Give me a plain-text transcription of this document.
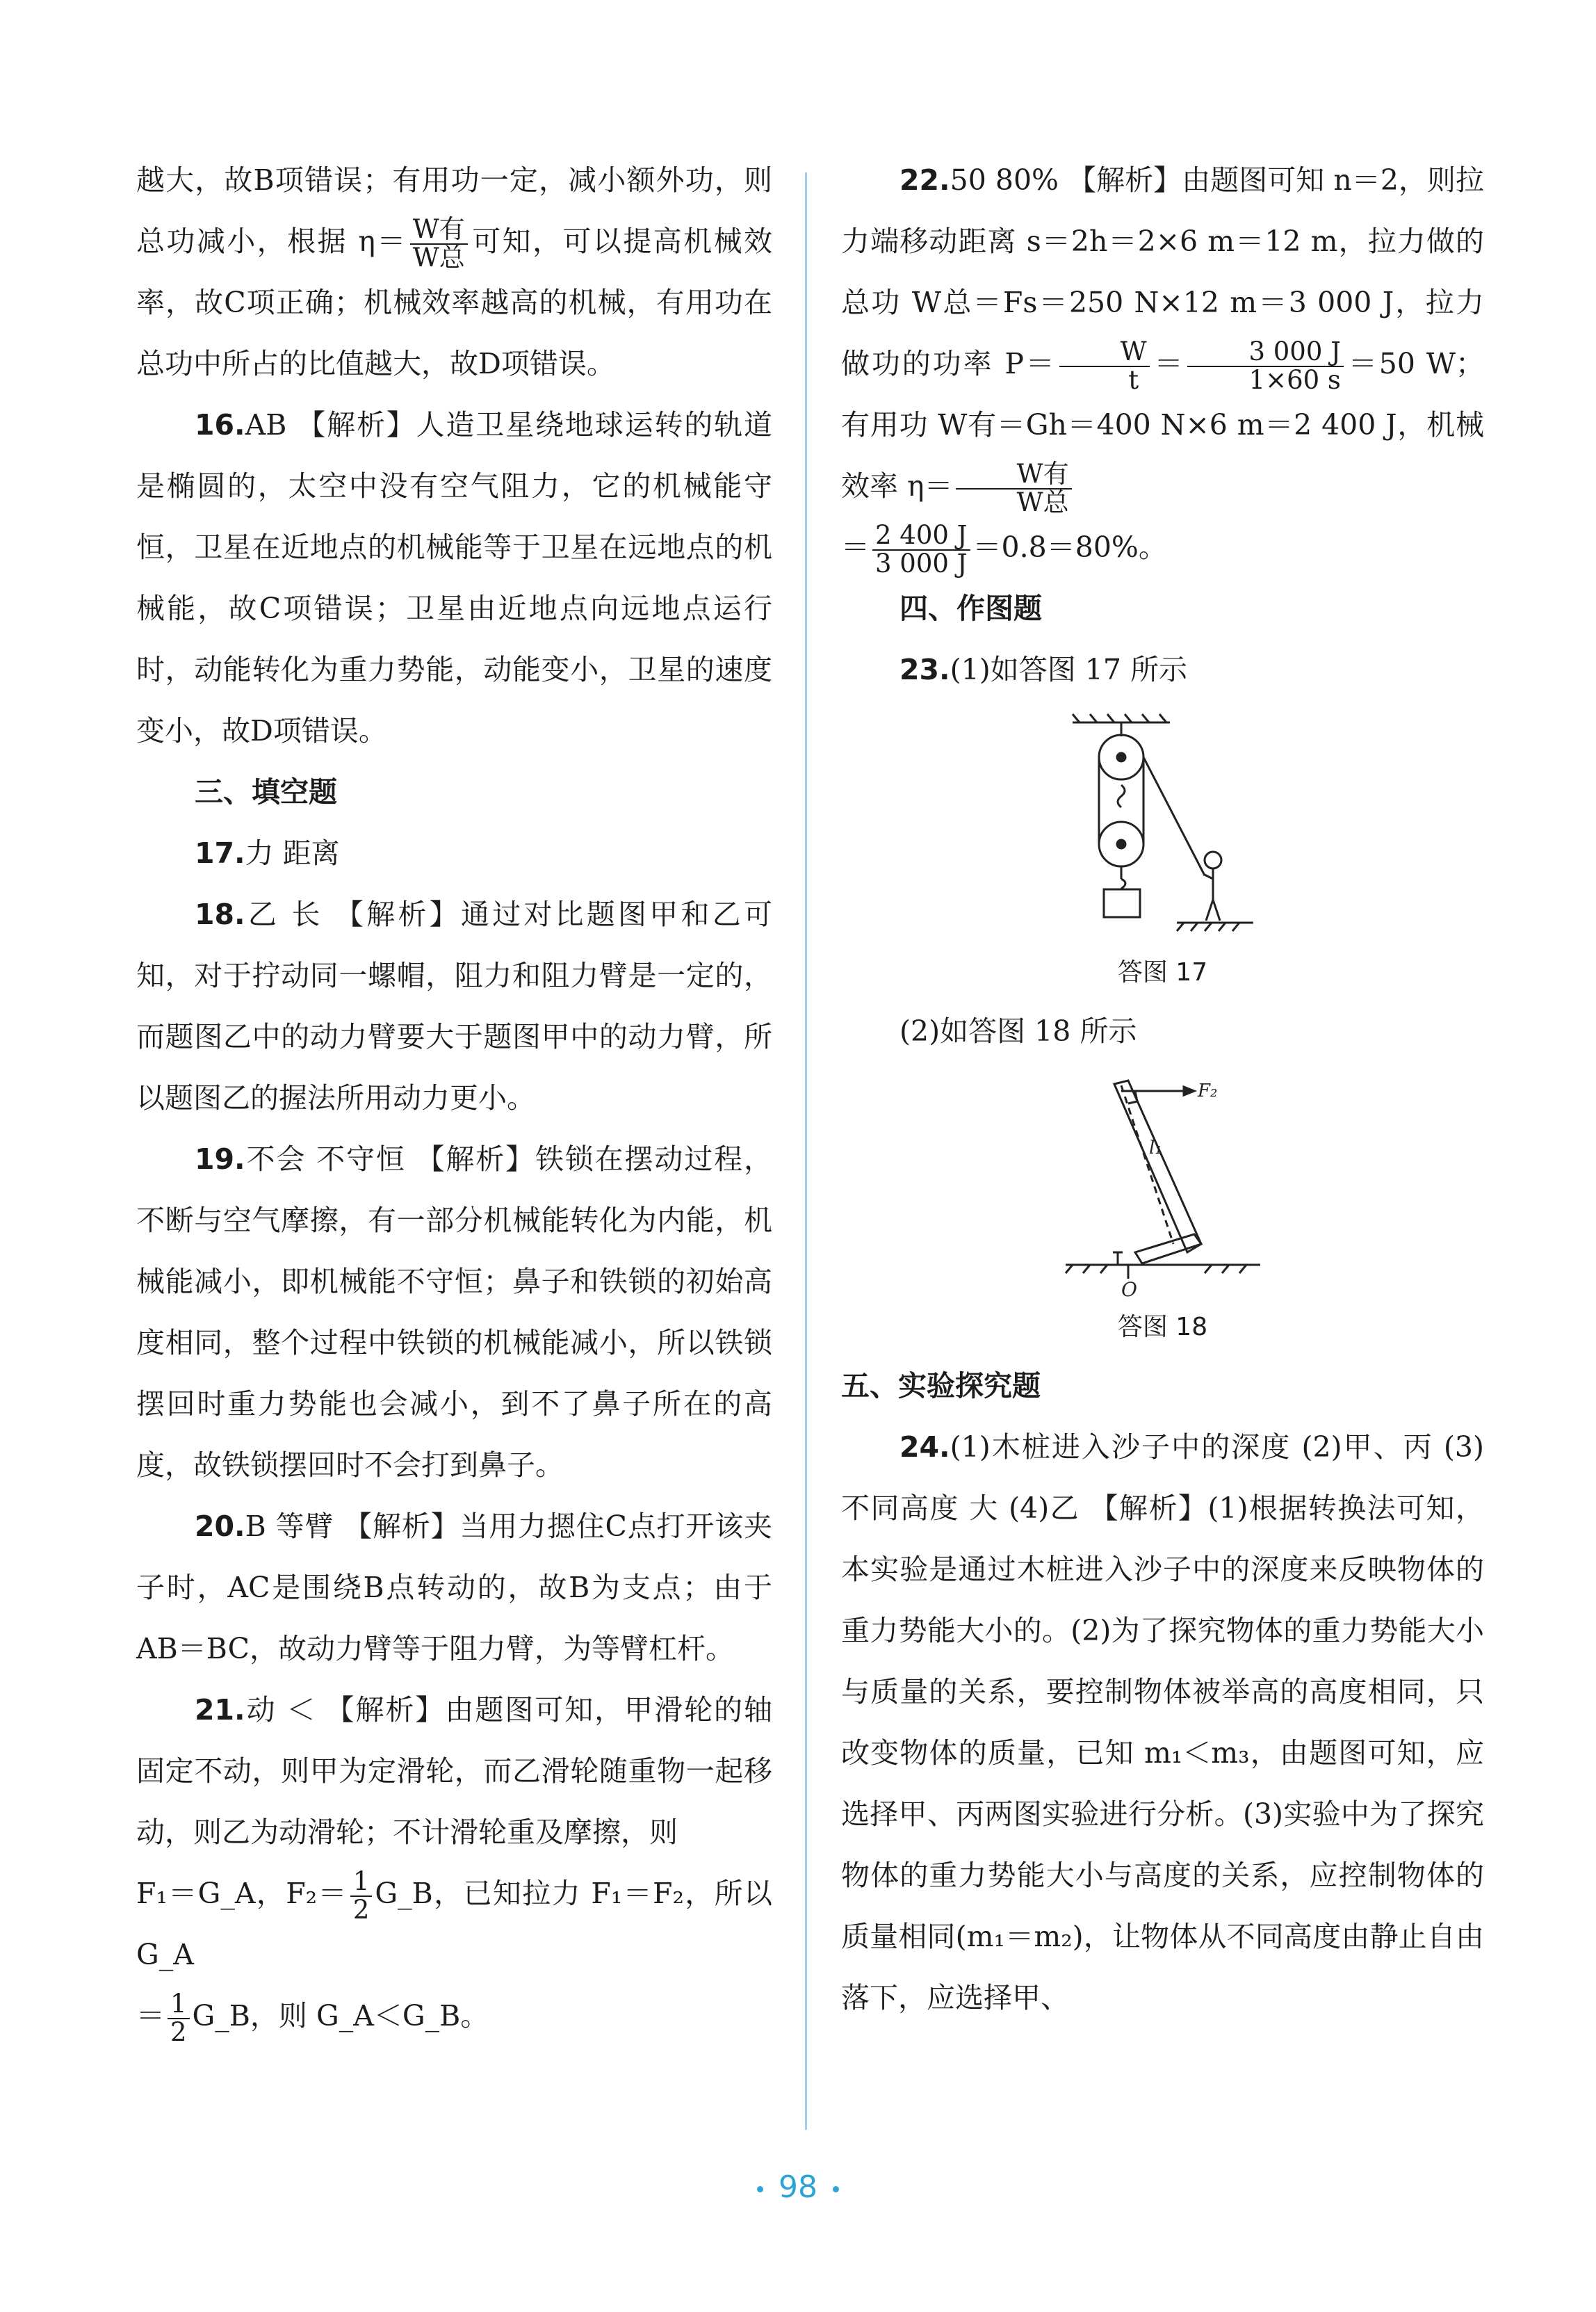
越大，故B项错误；有用功一定，减小额外功，则总功减小，根据 $\eta= \frac{\text{W有}}{\text{W总}}$ 可知，可以提高机械效率，故C项正确；机械效率越高的机械，有用功在总功中所占的比值越大，故D项错误。

16.AB 【解析】人造卫星绕地球运转的轨道是椭圆的，太空中没有空气阻力，它的机械能守恒，卫星在近地点的机械能等于卫星在远地点的机械能，故C项错误；卫星由近地点向远地点运行时，动能转化为重力势能，动能变小，卫星的速度变小，故D项错误。

三、填空题

17.力 距离

18.乙 长 【解析】通过对比题图甲和乙可知，对于拧动同一螺帽，阻力和阻力臂是一定的，而题图乙中的动力臂要大于题图甲中的动力臂，所以题图乙的握法所用动力更小。

19.不会 不守恒 【解析】铁锁在摆动过程，不断与空气摩擦，有一部分机械能转化为内能，机械能减小，即机械能不守恒；鼻子和铁锁的初始高度相同，整个过程中铁锁的机械能减小，所以铁锁摆回时重力势能也会减小，到不了鼻子所在的高度，故铁锁摆回时不会打到鼻子。

20.B 等臂 【解析】当用力摁住C点打开该夹子时，AC是围绕B点转动的，故B为支点；由于AB＝BC，故动力臂等于阻力臂，为等臂杠杆。

21.动 ＜ 【解析】由题图可知，甲滑轮的轴固定不动，则甲为定滑轮，而乙滑轮随重物一起移动，则乙为动滑轮；不计滑轮重及摩擦，则

F₁＝G_A，$F_2= \frac{1}{2}$ G_B，已知拉力 F₁＝F₂，所以G_A

＝ $\frac{1}{2}$ G_B，则 G_A＜G_B。

22.50 80% 【解析】由题图可知 n＝2，则拉力端移动距离 s＝2h＝2×6 m＝12 m，拉力做的总功 W总＝Fs＝250 N×12 m＝3 000 J，拉力做功的功率 $P= \frac{W}{t} = \frac{3 000 J}{1\times 60 s} =50$ W；有用功 W有＝Gh＝400 N×6 m＝2 400 J，机械效率 $\eta= \frac{\text{W有}}{\text{W总}}$

＝ $\frac{2 400 J}{3 000 J} =0.8=80\%$。

四、作图题

23.(1)如答图 17 所示

答图 17

(2)如答图 18 所示

F₂
l₁
O

答图 18

五、实验探究题

24.(1)木桩进入沙子中的深度 (2)甲、丙 (3)不同高度 大 (4)乙 【解析】(1)根据转换法可知，本实验是通过木桩进入沙子中的深度来反映物体的重力势能大小的。(2)为了探究物体的重力势能大小与质量的关系，要控制物体被举高的高度相同，只改变物体的质量，已知 m₁＜m₃，由题图可知，应选择甲、丙两图实验进行分析。(3)实验中为了探究物体的重力势能大小与高度的关系，应控制物体的质量相同(m₁＝m₂)，让物体从不同高度由静止自由落下，应选择甲、

98
